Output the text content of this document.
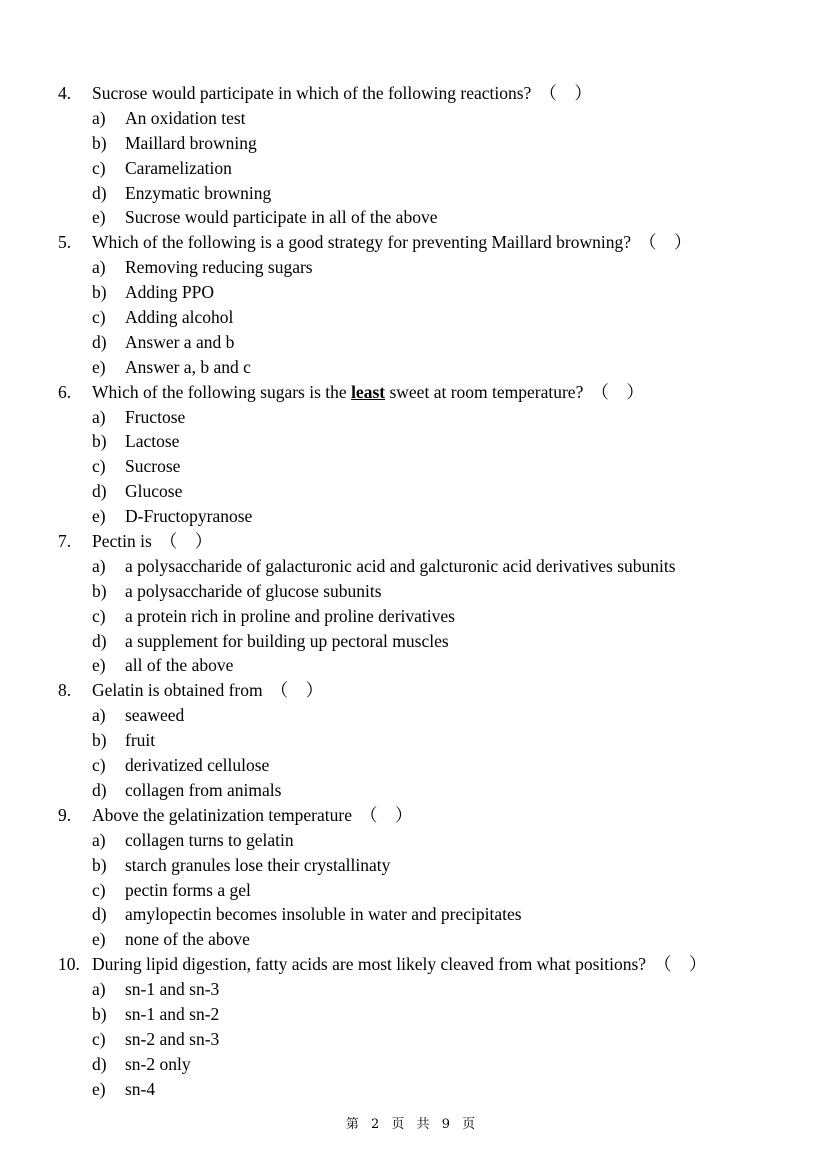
4. Sucrose would participate in which of the following reactions? （　）
a) An oxidation test
b) Maillard browning
c) Caramelization
d) Enzymatic browning
e) Sucrose would participate in all of the above
5. Which of the following is a good strategy for preventing Maillard browning? （　）
a) Removing reducing sugars
b) Adding PPO
c) Adding alcohol
d) Answer a and b
e) Answer a, b and c
6. Which of the following sugars is the least sweet at room temperature? （　）
a) Fructose
b) Lactose
c) Sucrose
d) Glucose
e) D-Fructopyranose
7. Pectin is （　）
a) a polysaccharide of galacturonic acid and galcturonic acid derivatives subunits
b) a polysaccharide of glucose subunits
c) a protein rich in proline and proline derivatives
d) a supplement for building up pectoral muscles
e) all of the above
8. Gelatin is obtained from （　）
a) seaweed
b) fruit
c) derivatized cellulose
d) collagen from animals
9. Above the gelatinization temperature （　）
a) collagen turns to gelatin
b) starch granules lose their crystallinaty
c) pectin forms a gel
d) amylopectin becomes insoluble in water and precipitates
e) none of the above
10. During lipid digestion, fatty acids are most likely cleaved from what positions? （　）
a) sn-1 and sn-3
b) sn-1 and sn-2
c) sn-2 and sn-3
d) sn-2 only
e) sn-4
第 2 页 共 9 页
